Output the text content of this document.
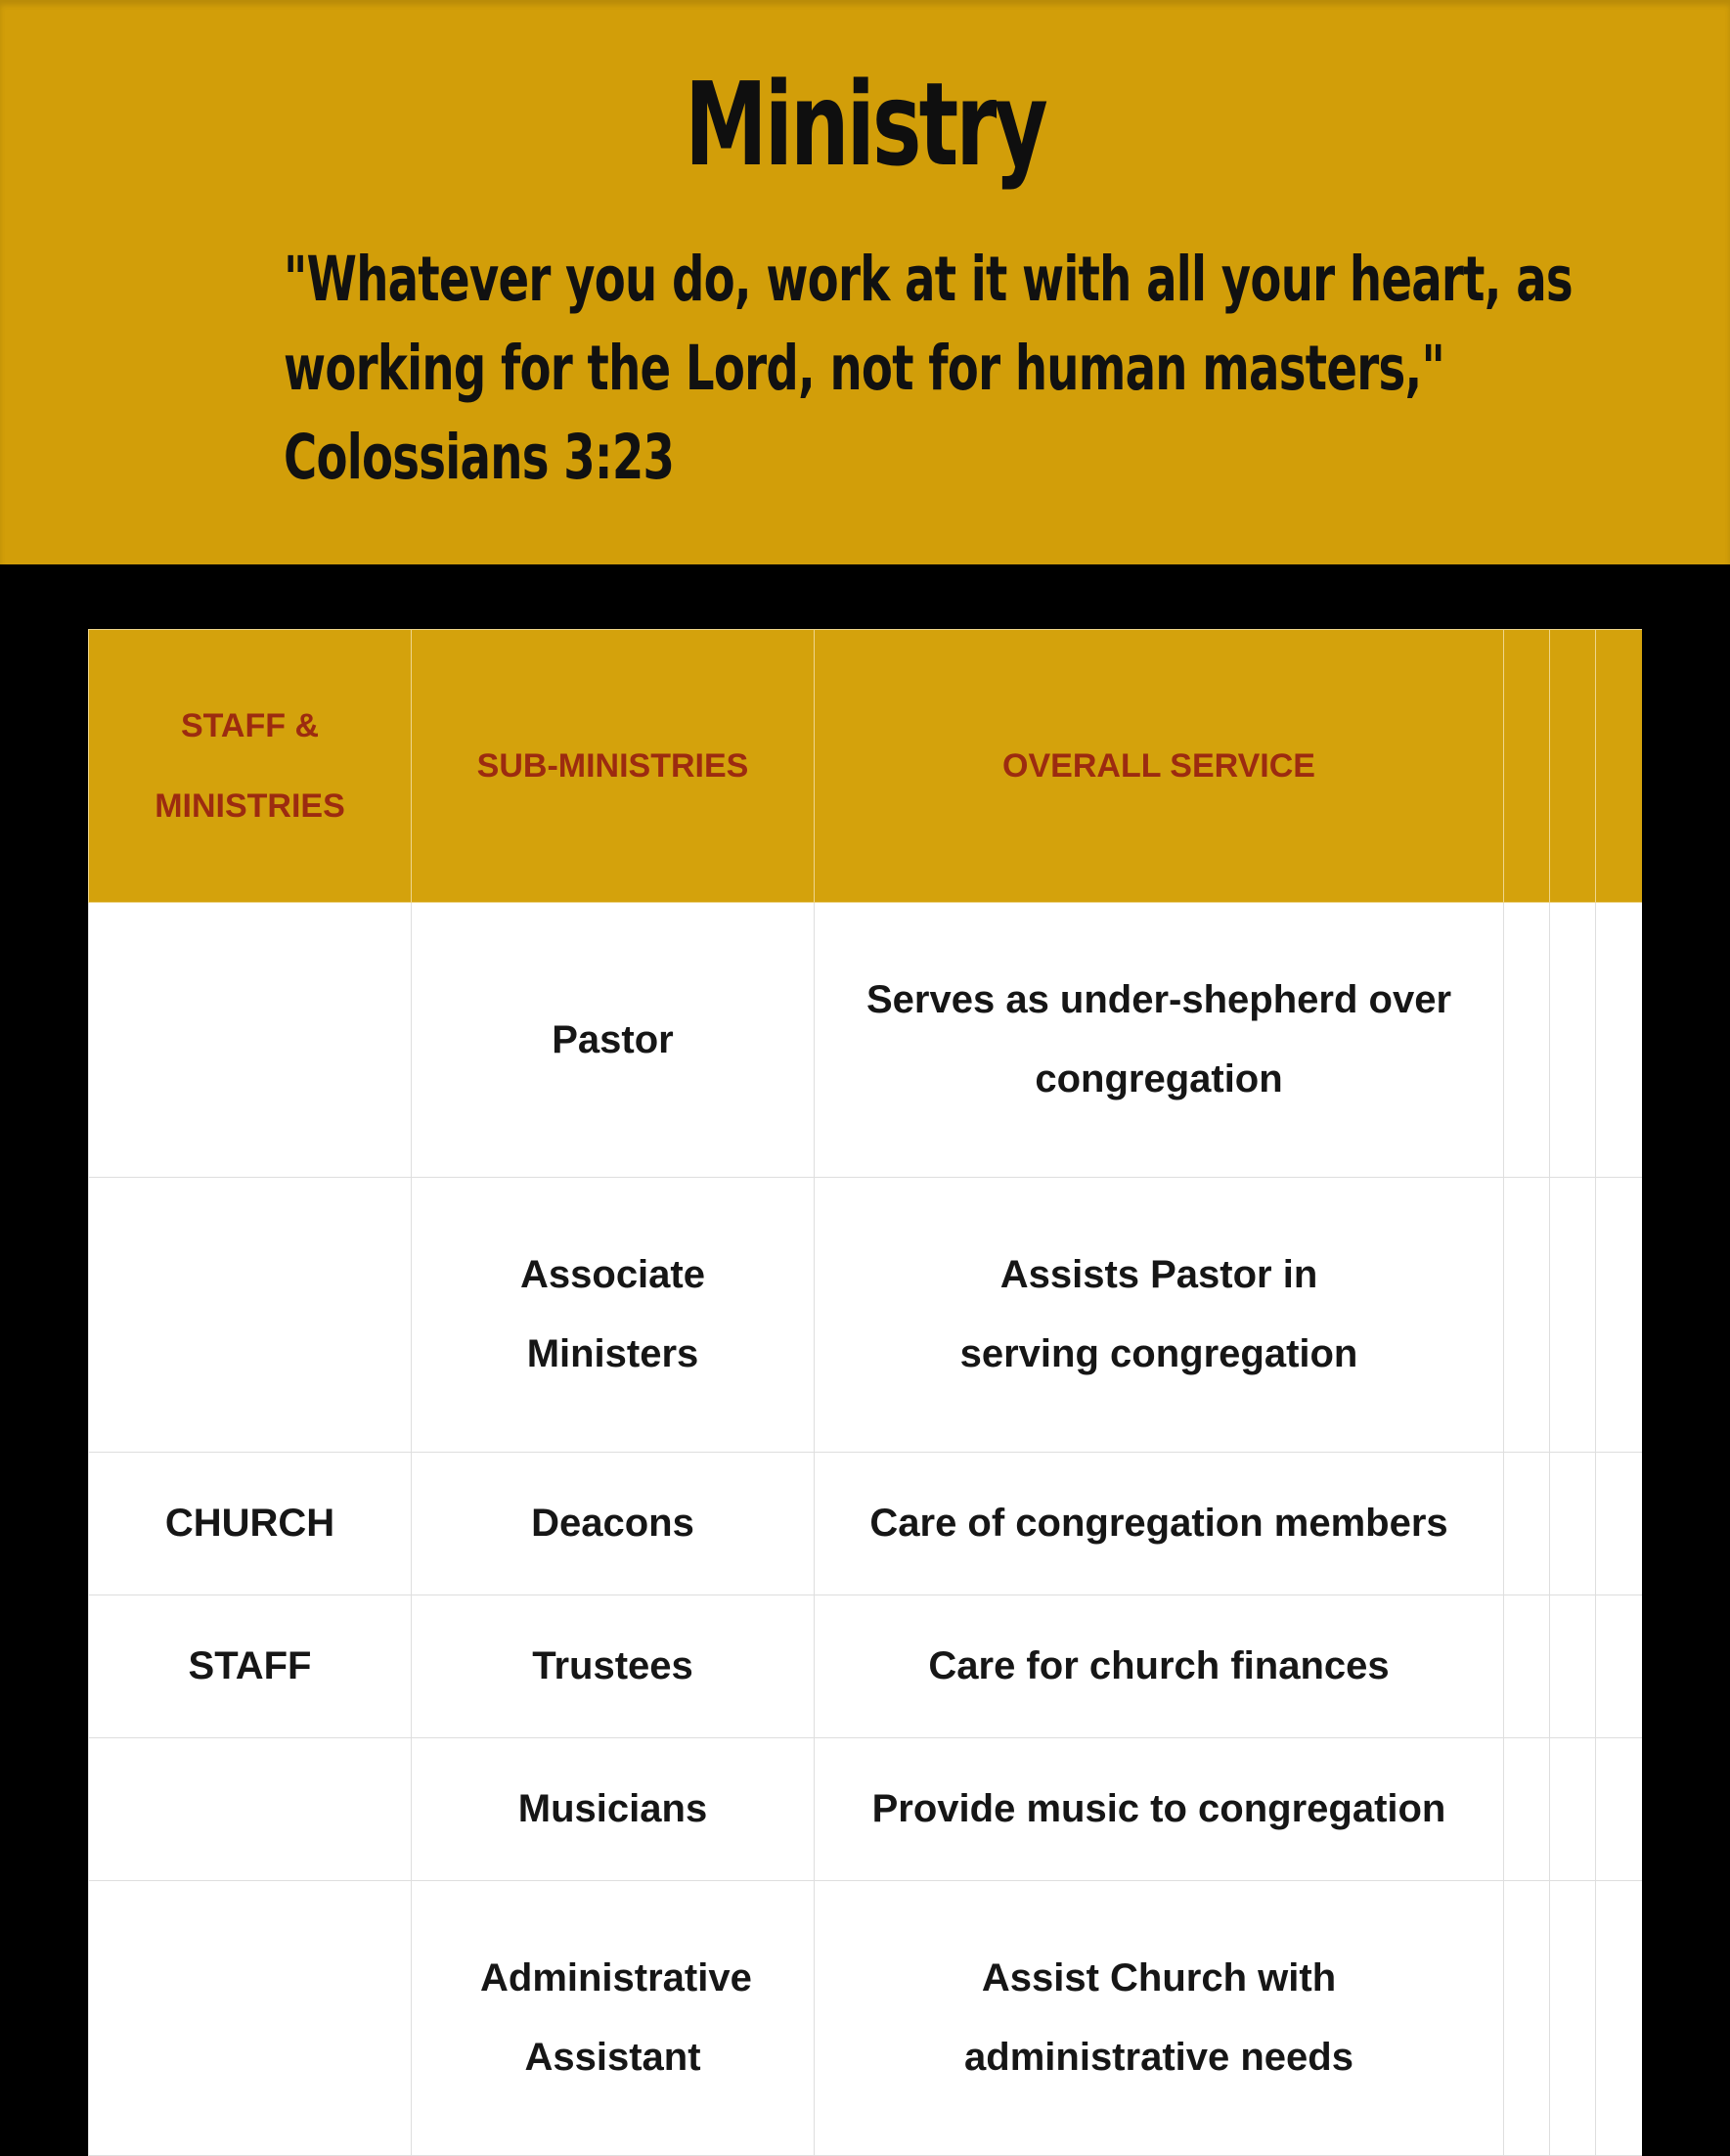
Ministry

"Whatever you do, work at it with all your heart, as
working for the Lord, not for human masters,"
Colossians 3:23

STAFF &
MINISTRIES	SUB-MINISTRIES	OVERALL SERVICE			
	Pastor	Serves as under-shepherd over congregation			
	Associate Ministers	Assists Pastor in serving congregation			
CHURCH	Deacons	Care of congregation members			
STAFF	Trustees	Care for church finances			
	Musicians	Provide music to congregation			
	Administrative Assistant	Assist Church with administrative needs			
